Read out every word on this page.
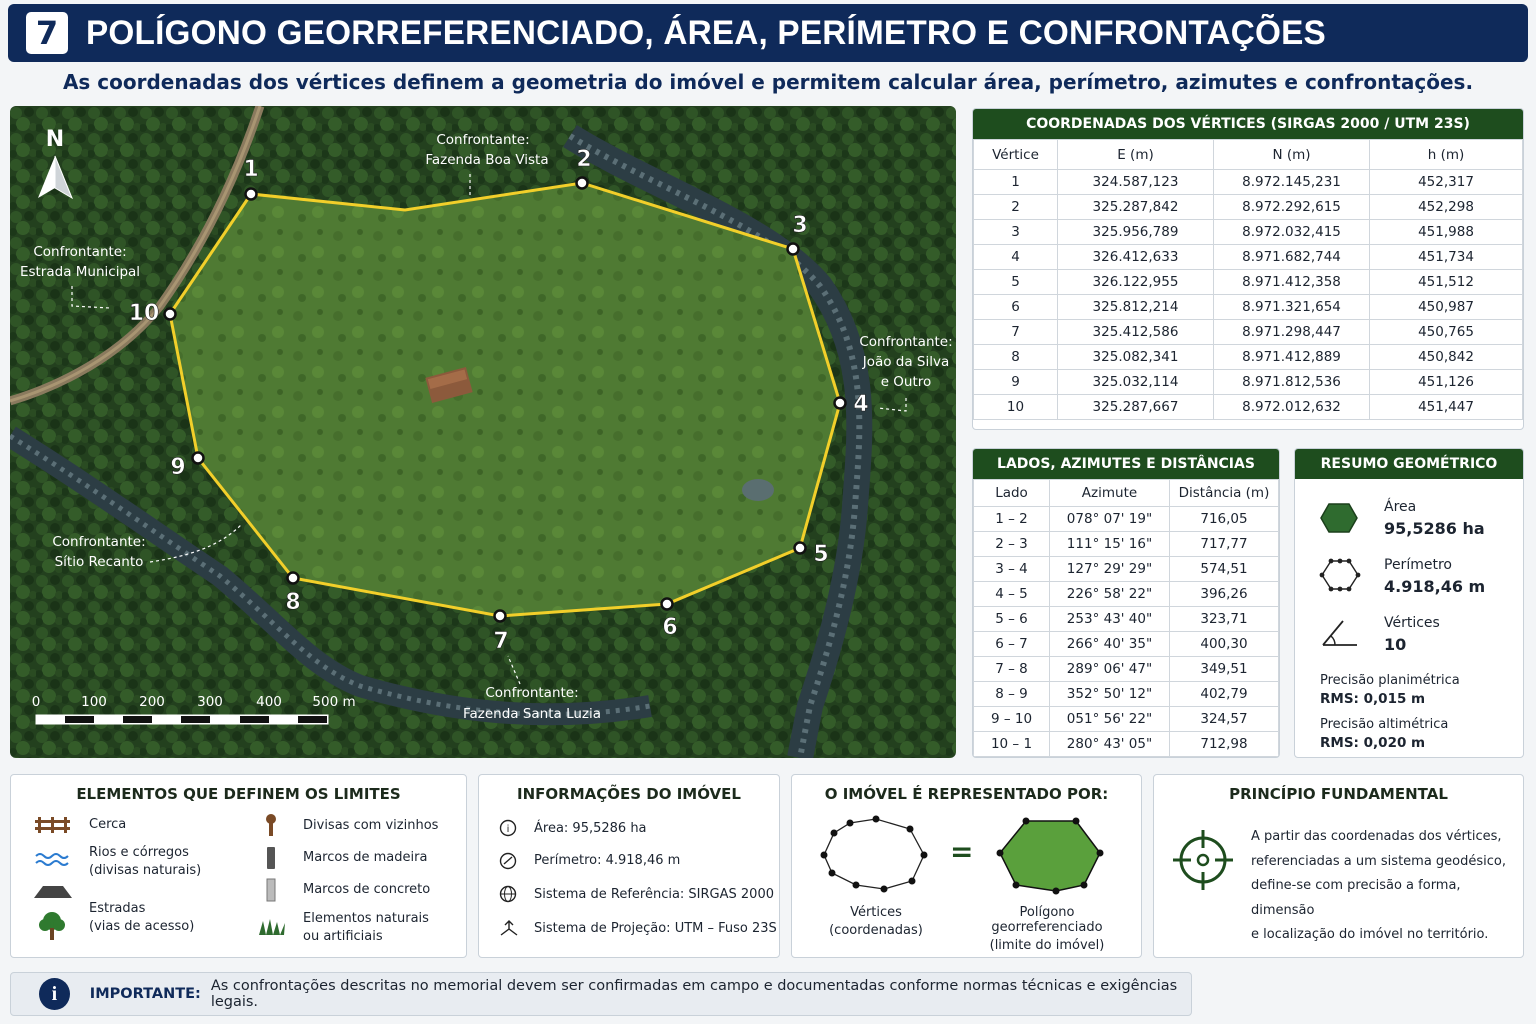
7 POLÍGONO GEORREFERENCIADO, ÁREA, PERÍMETRO E CONFRONTAÇÕES
As coordenadas dos vértices definem a geometria do imóvel e permitem calcular área, perímetro, azimutes e confrontações.
1	2
3
4
5
6
7
8
9
10
N	Confrontante:
Fazenda Boa Vista
Confrontante:
Estrada Municipal
Confrontante:
João da Silva
e Outro
Confrontante:
Sítio Recanto
Confrontante:
Fazenda Santa Luzia
0	100 200 300 400 500 m
COORDENADAS DOS VÉRTICES (SIRGAS 2000 / UTM 23S)
Vértice	E (m)	N (m)	h (m)
1	324.587,123	8.972.145,231	452,317
2	325.287,842	8.972.292,615	452,298
3	325.956,789	8.972.032,415	451,988
4	326.412,633	8.971.682,744	451,734
5	326.122,955	8.971.412,358	451,512
6	325.812,214	8.971.321,654	450,987
7	325.412,586	8.971.298,447	450,765
8	325.082,341	8.971.412,889	450,842
9	325.032,114	8.971.812,536	451,126
10	325.287,667	8.972.012,632	451,447
LADOS, AZIMUTES E DISTÂNCIAS
Lado	Azimute	Distância (m)
1 – 2	078° 07' 19"	716,05
2 – 3	111° 15' 16"	717,77
3 – 4	127° 29' 29"	574,51
4 – 5	226° 58' 22"	396,26
5 – 6	253° 43' 40"	323,71
6 – 7	266° 40' 35"	400,30
7 – 8	289° 06' 47"	349,51
8 – 9	352° 50' 12"	402,79
9 – 10	051° 56' 22"	324,57
10 – 1	280° 43' 05"	712,98
RESUMO GEOMÉTRICO
Área
95,5286 ha
Perímetro
4.918,46 m
Vértices
10
Precisão planimétrica
RMS: 0,015 m
Precisão altimétrica
RMS: 0,020 m
ELEMENTOS QUE DEFINEM OS LIMITES
Cerca
Rios e córregos
(divisas naturais)
Estradas
(vias de acesso)
Divisas com vizinhos
Marcos de madeira
Marcos de concreto
Elementos naturais
ou artificiais
INFORMAÇÕES DO IMÓVEL
i Área: 95,5286 ha
Perímetro: 4.918,46 m
Sistema de Referência: SIRGAS 2000
Sistema de Projeção: UTM – Fuso 23S
O IMÓVEL É REPRESENTADO POR:
=
Vértices
(coordenadas)
Polígono georreferenciado
(limite do imóvel)
PRINCÍPIO FUNDAMENTAL
A partir das coordenadas dos vértices,
referenciadas a um sistema geodésico,
define-se com precisão a forma, dimensão
e localização do imóvel no território.
i	IMPORTANTE: As confrontações descritas no memorial devem ser confirmadas em campo e documentadas conforme normas técnicas e exigências legais.
